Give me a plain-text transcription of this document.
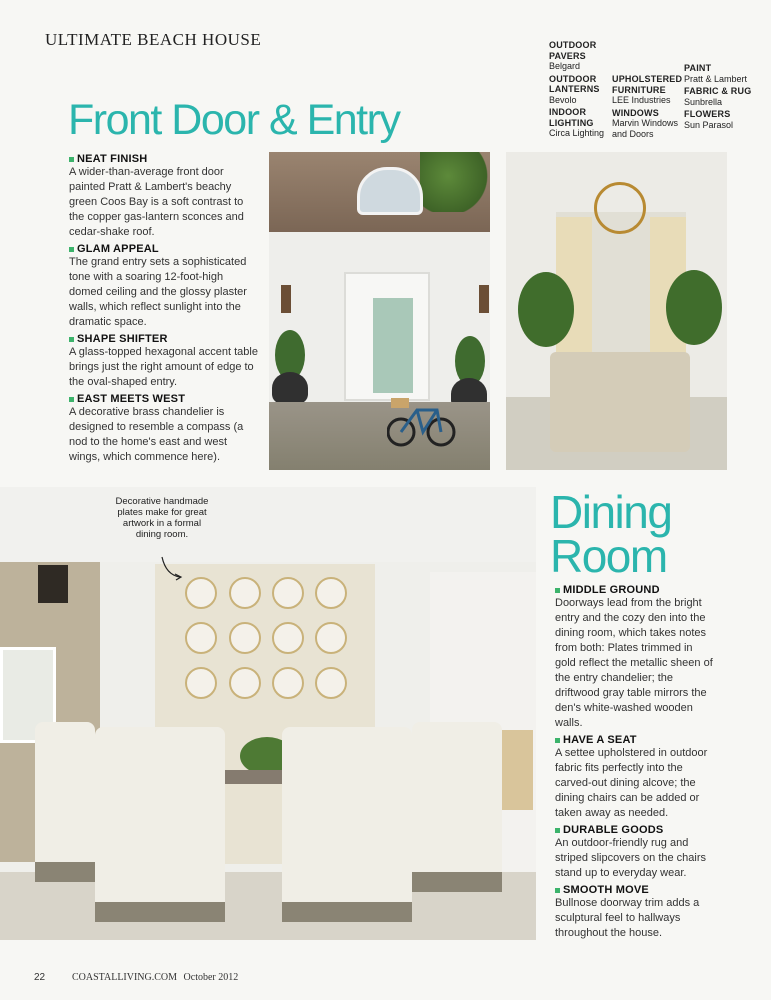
ULTIMATE BEACH HOUSE	OUTDOOR PAVERS
Belgard
OUTDOOR LANTERNS
Bevolo
INDOOR LIGHTING
Circa Lighting
UPHOLSTERED FURNITURE
LEE Industries
WINDOWS
Marvin Windows and Doors
PAINT
Pratt & Lambert
FABRIC & RUG
Sunbrella
FLOWERS
Sun Parasol
Front Door & Entry
NEAT FINISH
A wider-than-average front door painted Pratt & Lambert's beachy green Coos Bay is a soft contrast to the copper gas-lantern sconces and cedar-shake roof.
GLAM APPEAL
The grand entry sets a sophisticated tone with a soaring 12-foot-high domed ceiling and the glossy plaster walls, which reflect sunlight into the dramatic space.
SHAPE SHIFTER
A glass-topped hexagonal accent table brings just the right amount of edge to the oval-shaped entry.
EAST MEETS WEST
A decorative brass chandelier is designed to resemble a compass (a nod to the home's east and west wings, which commence here).
Decorative handmade plates make for great artwork in a formal dining room.	Dining
Room
MIDDLE GROUND
Doorways lead from the bright entry and the cozy den into the dining room, which takes notes from both: Plates trimmed in gold reflect the metallic sheen of the entry chandelier; the driftwood gray table mirrors the den's white-washed wooden walls.
HAVE A SEAT
A settee upholstered in outdoor fabric fits perfectly into the carved-out dining alcove; the dining chairs can be added or taken away as needed.
DURABLE GOODS
An outdoor-friendly rug and striped slipcovers on the chairs stand up to everyday wear.
SMOOTH MOVE
Bullnose doorway trim adds a sculptural feel to hallways throughout the house.
22	COASTALLIVING.COM October 2012
